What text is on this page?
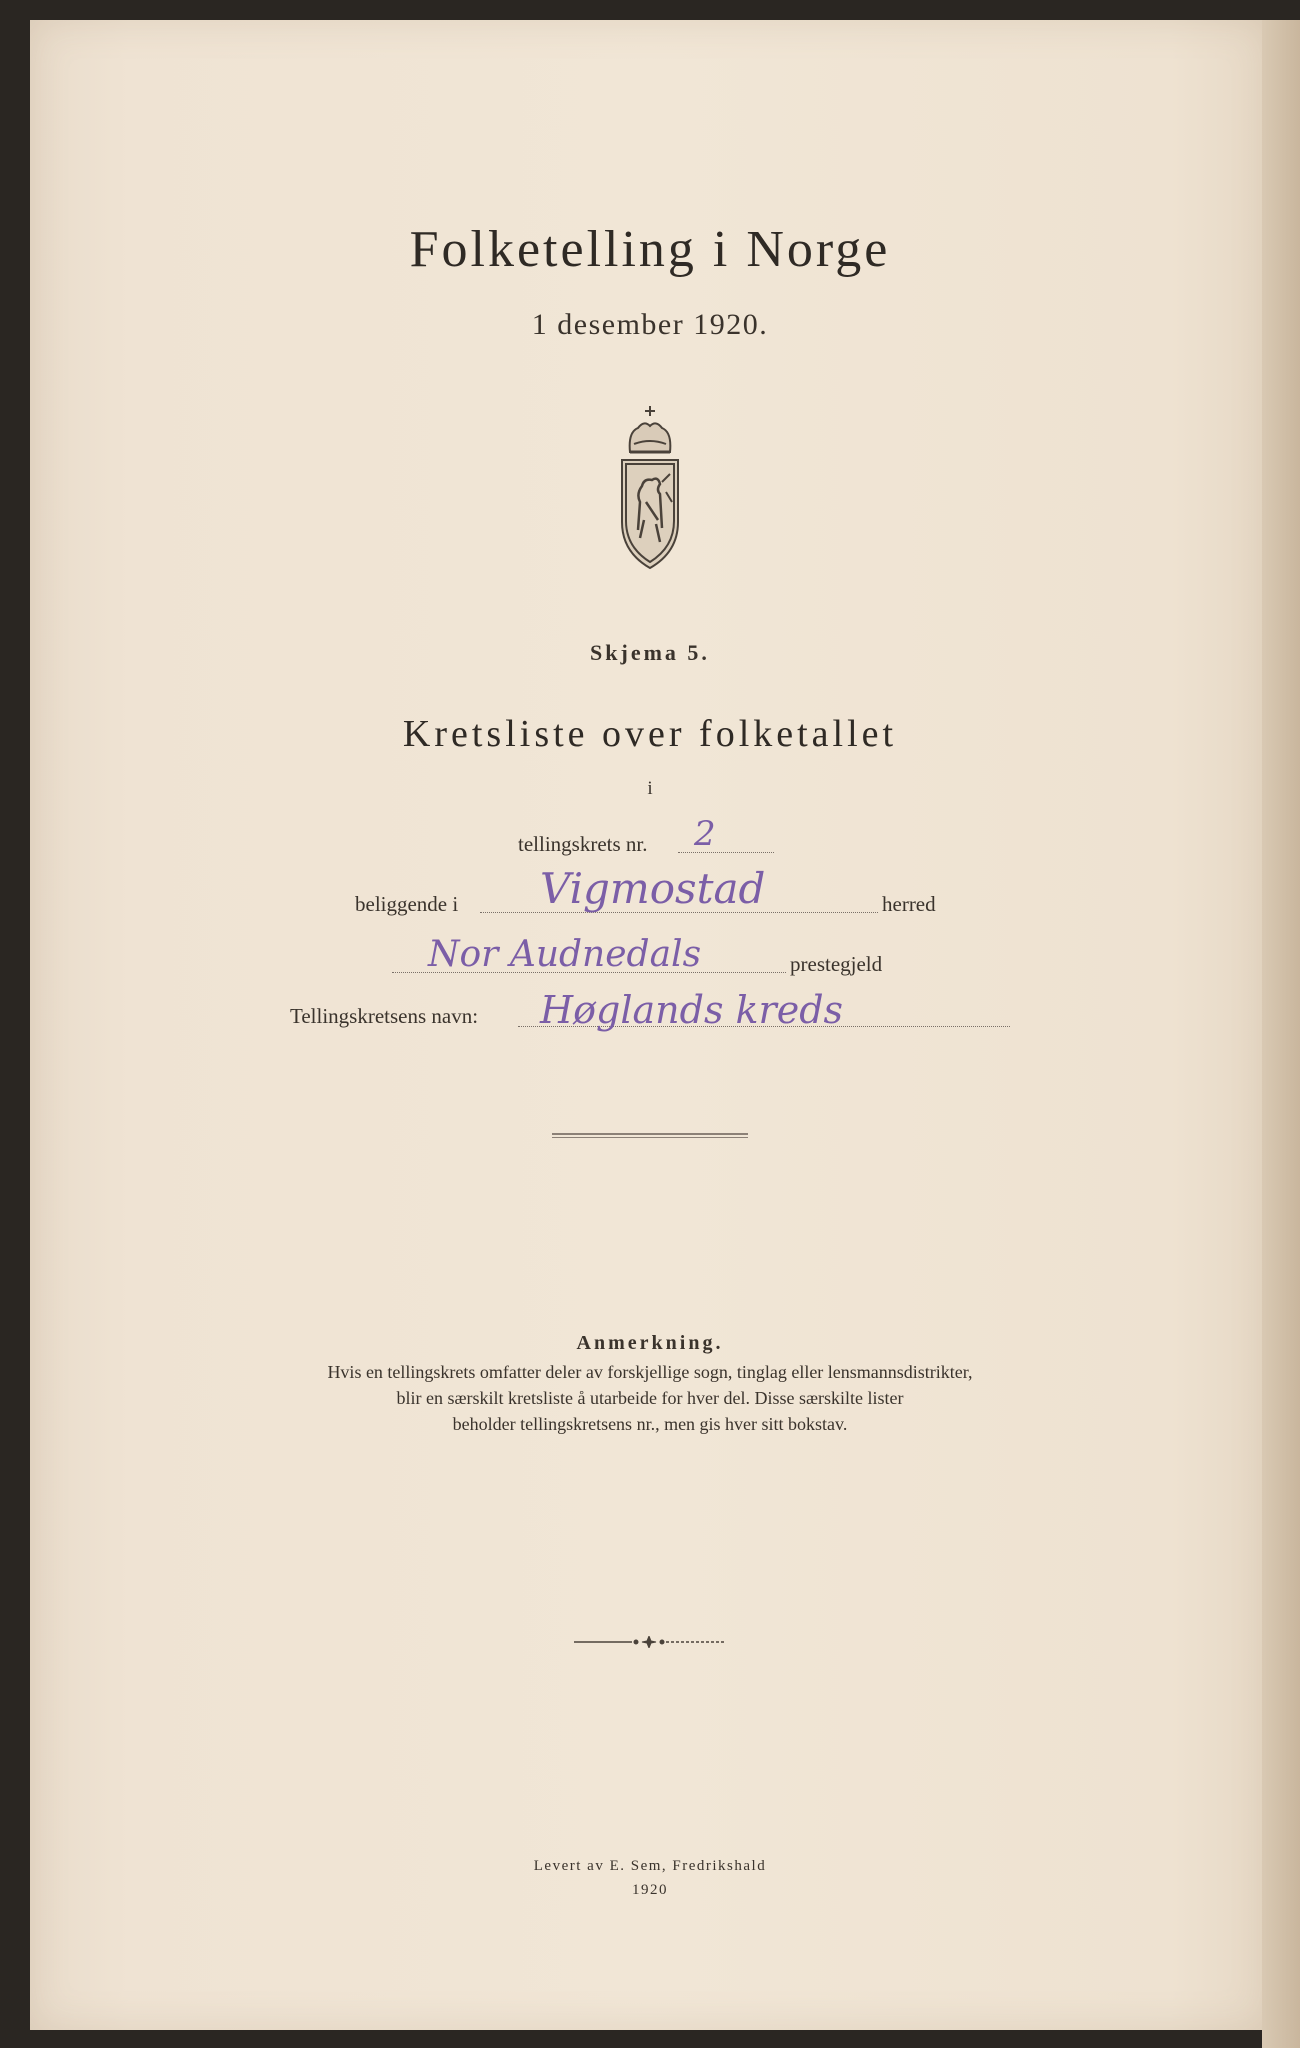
Folketelling i Norge
1 desember 1920.
Skjema 5.
Kretsliste over folketallet
i
tellingskrets nr. 2
beliggende i Vigmostad	herred
Nor Audnedals	prestegjeld
Tellingskretsens navn: Høglands kreds
Anmerkning.
Hvis en tellingskrets omfatter deler av forskjellige sogn, tinglag eller lensmannsdistrikter,
blir en særskilt kretsliste å utarbeide for hver del. Disse særskilte lister
beholder tellingskretsens nr., men gis hver sitt bokstav.
Levert av E. Sem, Fredrikshald
1920
